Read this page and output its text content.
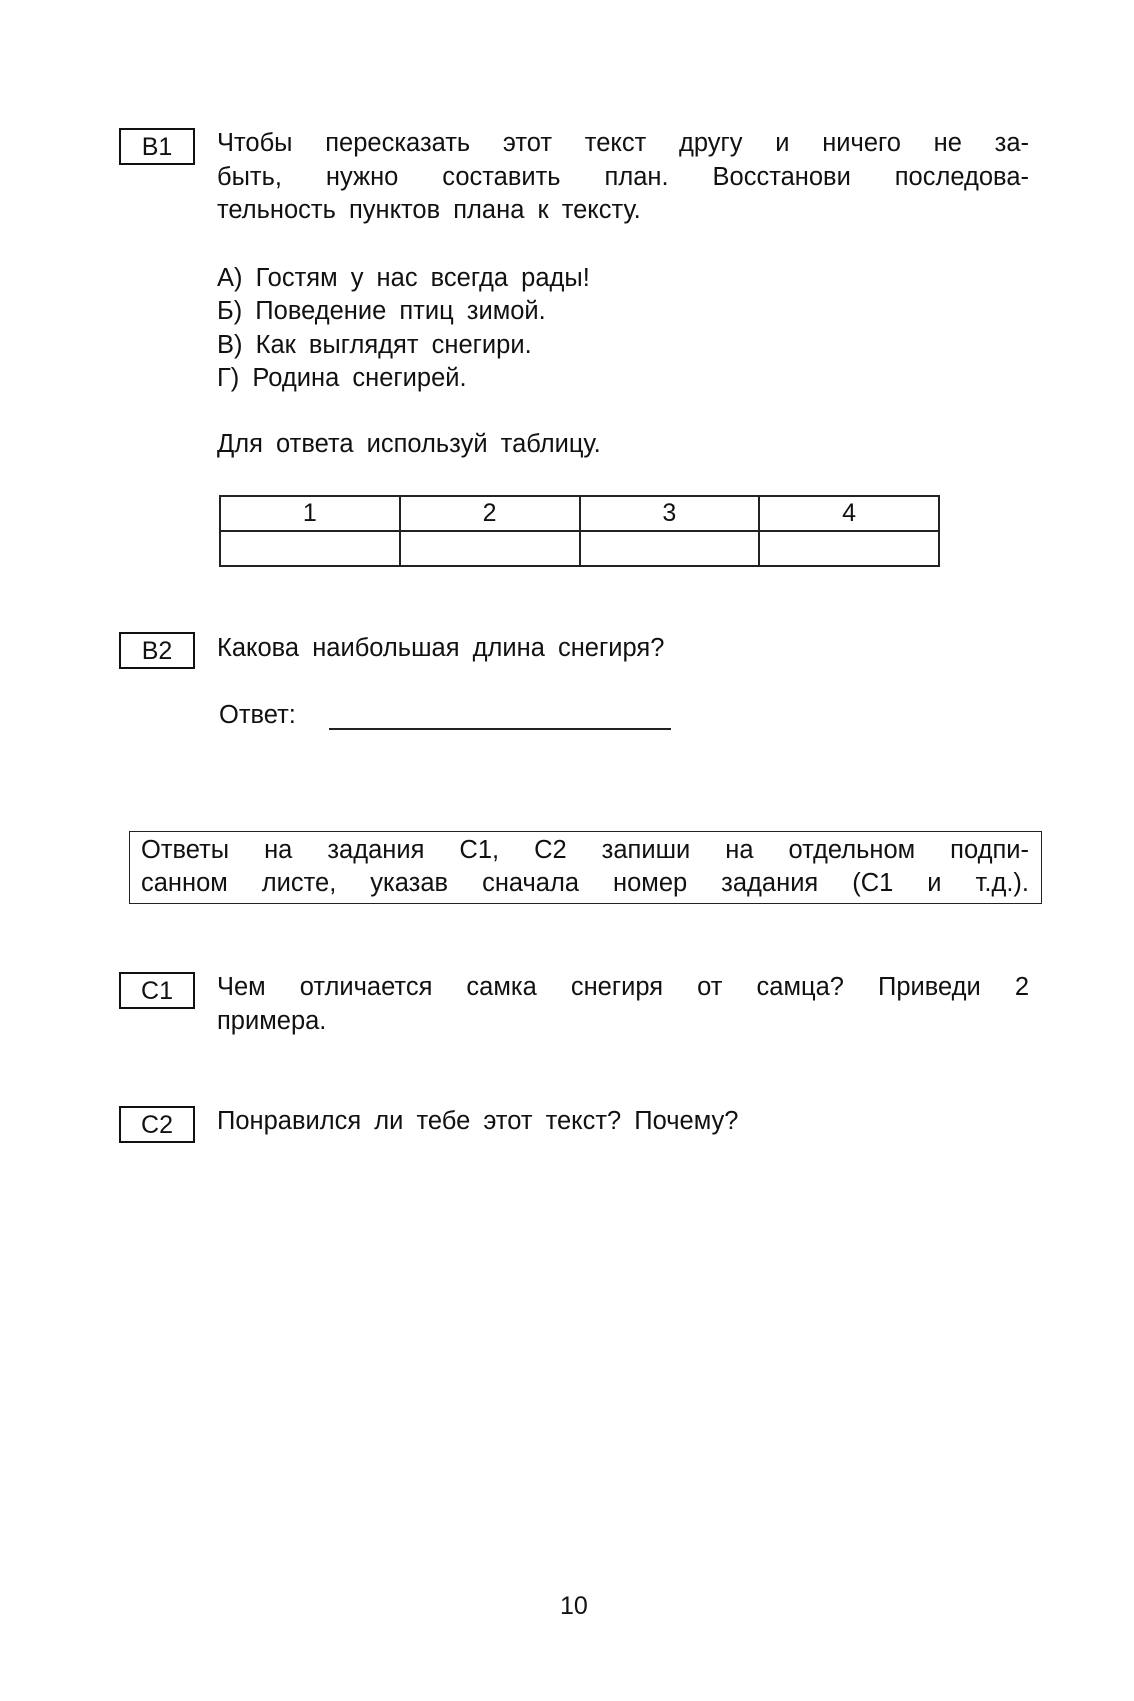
В1	Чтобы пересказать этот текст другу и ничего не за-
быть, нужно составить план. Восстанови последова-
тельность пунктов плана к тексту.
А) Гостям у нас всегда рады!
Б) Поведение птиц зимой.
В) Как выглядят снегири.
Г) Родина снегирей.
Для ответа используй таблицу.
1	2	3	4

В2	Какова наибольшая длина снегиря?
Ответ:
Ответы на задания С1, С2 запиши на отдельном подпи-
санном листе, указав сначала номер задания (С1 и т.д.).
С1	Чем отличается самка снегиря от самца? Приведи 2
примера.
С2	Понравился ли тебе этот текст? Почему?
10
